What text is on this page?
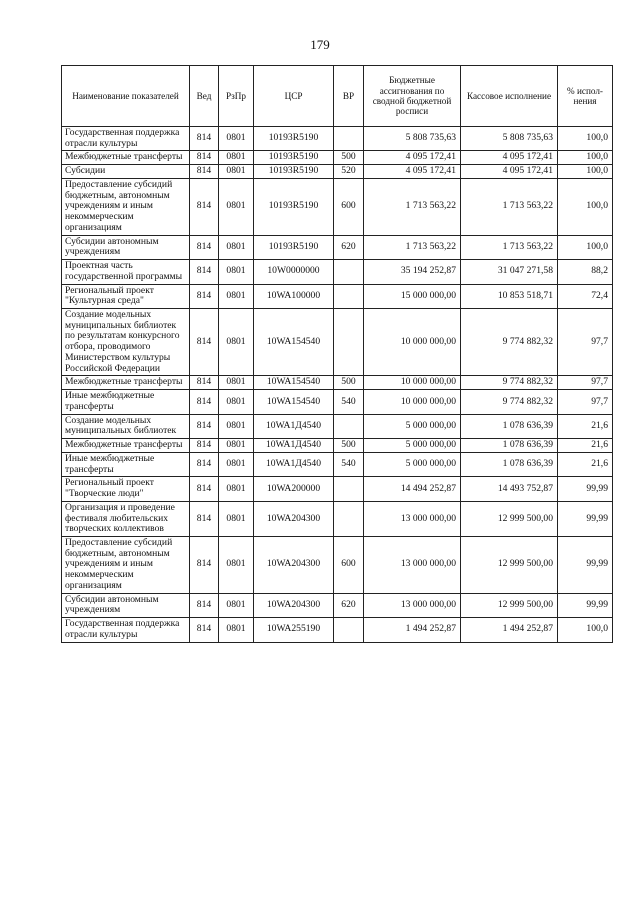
179
Наименование показателей	Вед	РзПр	ЦСР	ВР	Бюджетные ассигнования по сводной бюджетной росписи	Кассовое исполнение	% испол-нения
Государственная поддержка отрасли культуры	814	0801	10193R5190		5 808 735,63	5 808 735,63	100,0
Межбюджетные трансферты	814	0801	10193R5190	500	4 095 172,41	4 095 172,41	100,0
Субсидии	814	0801	10193R5190	520	4 095 172,41	4 095 172,41	100,0
Предоставление субсидий бюджетным, автономным учреждениям и иным некоммерческим организациям	814	0801	10193R5190	600	1 713 563,22	1 713 563,22	100,0
Субсидии автономным учреждениям	814	0801	10193R5190	620	1 713 563,22	1 713 563,22	100,0
Проектная часть государственной программы	814	0801	10W0000000		35 194 252,87	31 047 271,58	88,2
Региональный проект "Культурная среда"	814	0801	10WA100000		15 000 000,00	10 853 518,71	72,4
Создание модельных муниципальных библиотек по результатам конкурсного отбора, проводимого Министерством культуры Российской Федерации	814	0801	10WA154540		10 000 000,00	9 774 882,32	97,7
Межбюджетные трансферты	814	0801	10WA154540	500	10 000 000,00	9 774 882,32	97,7
Иные межбюджетные трансферты	814	0801	10WA154540	540	10 000 000,00	9 774 882,32	97,7
Создание модельных муниципальных библиотек	814	0801	10WA1Д4540		5 000 000,00	1 078 636,39	21,6
Межбюджетные трансферты	814	0801	10WA1Д4540	500	5 000 000,00	1 078 636,39	21,6
Иные межбюджетные трансферты	814	0801	10WA1Д4540	540	5 000 000,00	1 078 636,39	21,6
Региональный проект "Творческие люди"	814	0801	10WA200000		14 494 252,87	14 493 752,87	99,99
Организация и проведение фестиваля любительских творческих коллективов	814	0801	10WA204300		13 000 000,00	12 999 500,00	99,99
Предоставление субсидий бюджетным, автономным учреждениям и иным некоммерческим организациям	814	0801	10WA204300	600	13 000 000,00	12 999 500,00	99,99
Субсидии автономным учреждениям	814	0801	10WA204300	620	13 000 000,00	12 999 500,00	99,99
Государственная поддержка отрасли культуры	814	0801	10WA255190		1 494 252,87	1 494 252,87	100,0
